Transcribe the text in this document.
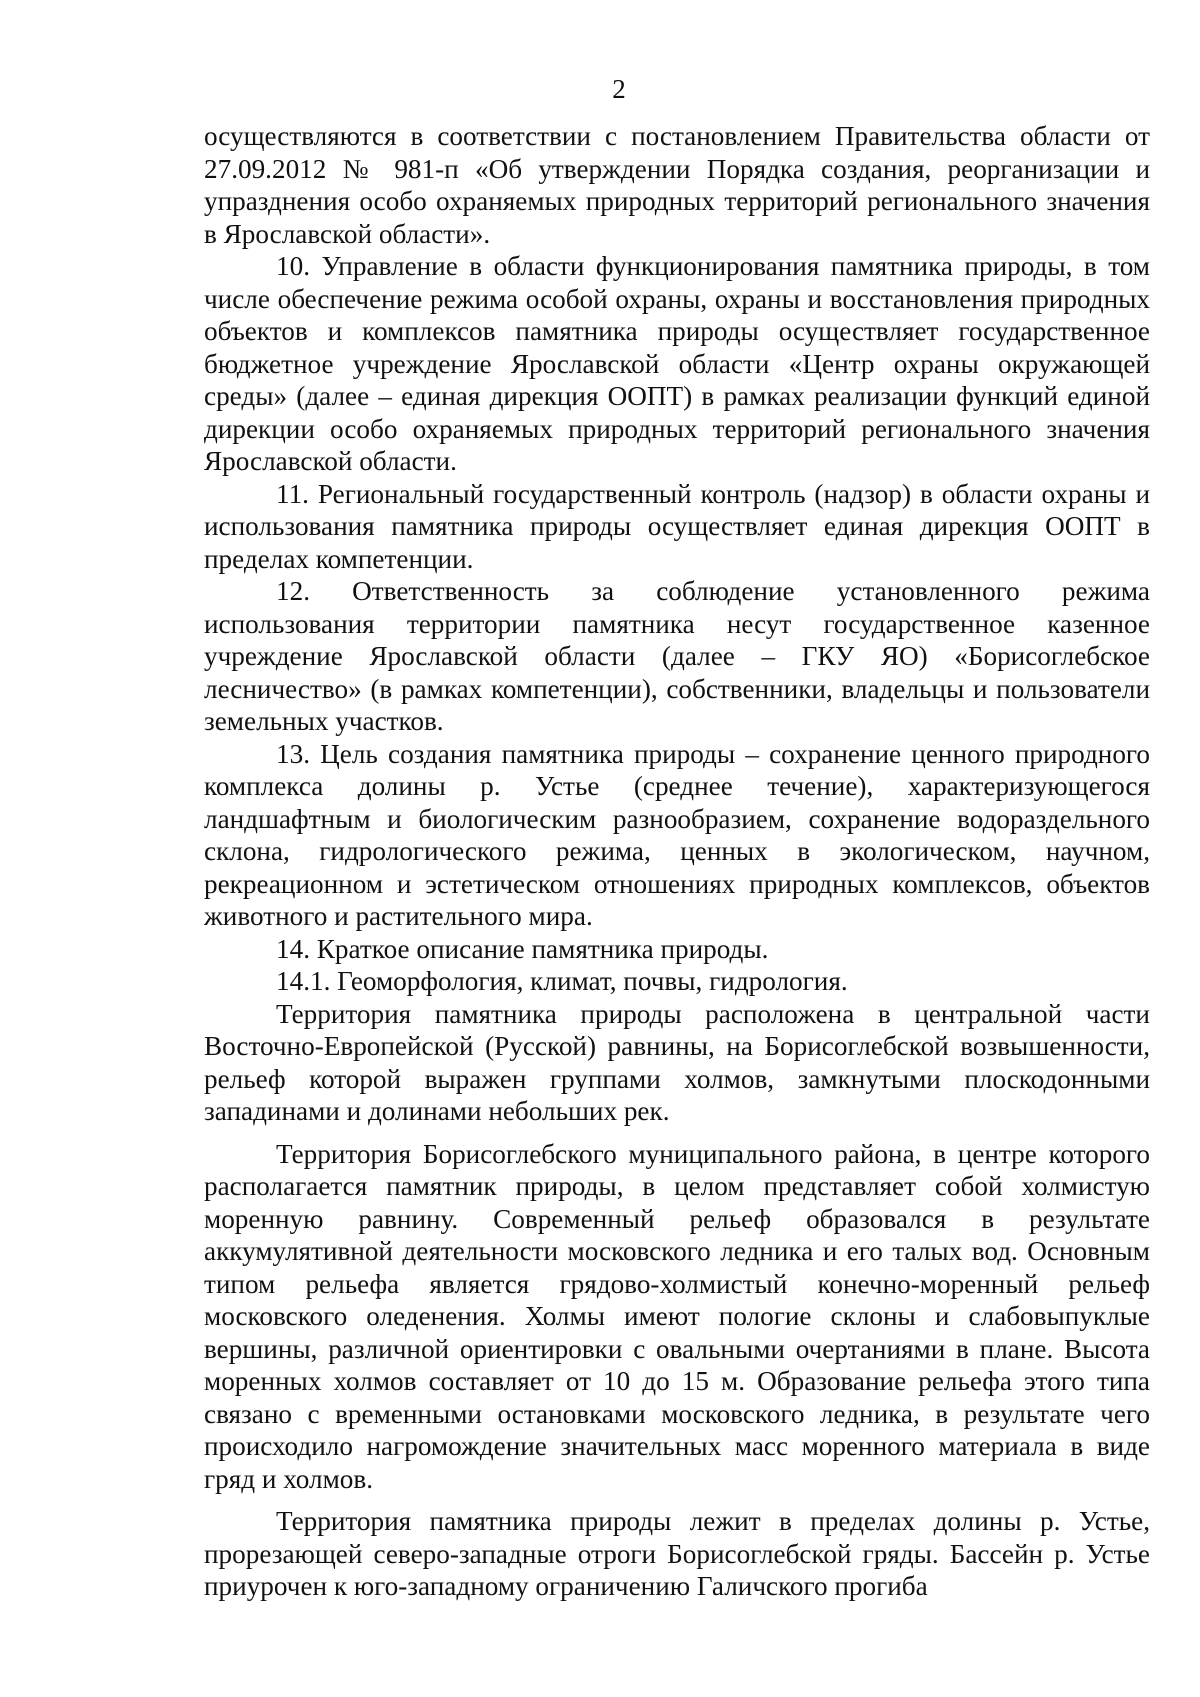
2

осуществляются в соответствии с постановлением Правительства области от 27.09.2012 № 981-п «Об утверждении Порядка создания, реорганизации и упразднения особо охраняемых природных территорий регионального значения в Ярославской области».

10. Управление в области функционирования памятника природы, в том числе обеспечение режима особой охраны, охраны и восстановления природных объектов и комплексов памятника природы осуществляет государственное бюджетное учреждение Ярославской области «Центр охраны окружающей среды» (далее – единая дирекция ООПТ) в рамках реализации функций единой дирекции особо охраняемых природных территорий регионального значения Ярославской области.

11. Региональный государственный контроль (надзор) в области охраны и использования памятника природы осуществляет единая дирекция ООПТ в пределах компетенции.

12. Ответственность за соблюдение установленного режима использования территории памятника несут государственное казенное учреждение Ярославской области (далее – ГКУ ЯО) «Борисоглебское лесничество» (в рамках компетенции), собственники, владельцы и пользователи земельных участков.

13. Цель создания памятника природы – сохранение ценного природного комплекса долины р. Устье (среднее течение), характеризующегося ландшафтным и биологическим разнообразием, сохранение водораздельного склона, гидрологического режима, ценных в экологическом, научном, рекреационном и эстетическом отношениях природных комплексов, объектов животного и растительного мира.

14. Краткое описание памятника природы.

14.1. Геоморфология, климат, почвы, гидрология.

Территория памятника природы расположена в центральной части Восточно-Европейской (Русской) равнины, на Борисоглебской возвышенности, рельеф которой выражен группами холмов, замкнутыми плоскодонными западинами и долинами небольших рек.

Территория Борисоглебского муниципального района, в центре которого располагается памятник природы, в целом представляет собой холмистую моренную равнину. Современный рельеф образовался в результате аккумулятивной деятельности московского ледника и его талых вод. Основным типом рельефа является грядово-холмистый конечно-моренный рельеф московского оледенения. Холмы имеют пологие склоны и слабовыпуклые вершины, различной ориентировки с овальными очертаниями в плане. Высота моренных холмов составляет от 10 до 15 м. Образование рельефа этого типа связано с временными остановками московского ледника, в результате чего происходило нагромождение значительных масс моренного материала в виде гряд и холмов.

Территория памятника природы лежит в пределах долины р. Устье, прорезающей северо-западные отроги Борисоглебской гряды. Бассейн р. Устье приурочен к юго-западному ограничению Галичского прогиба
